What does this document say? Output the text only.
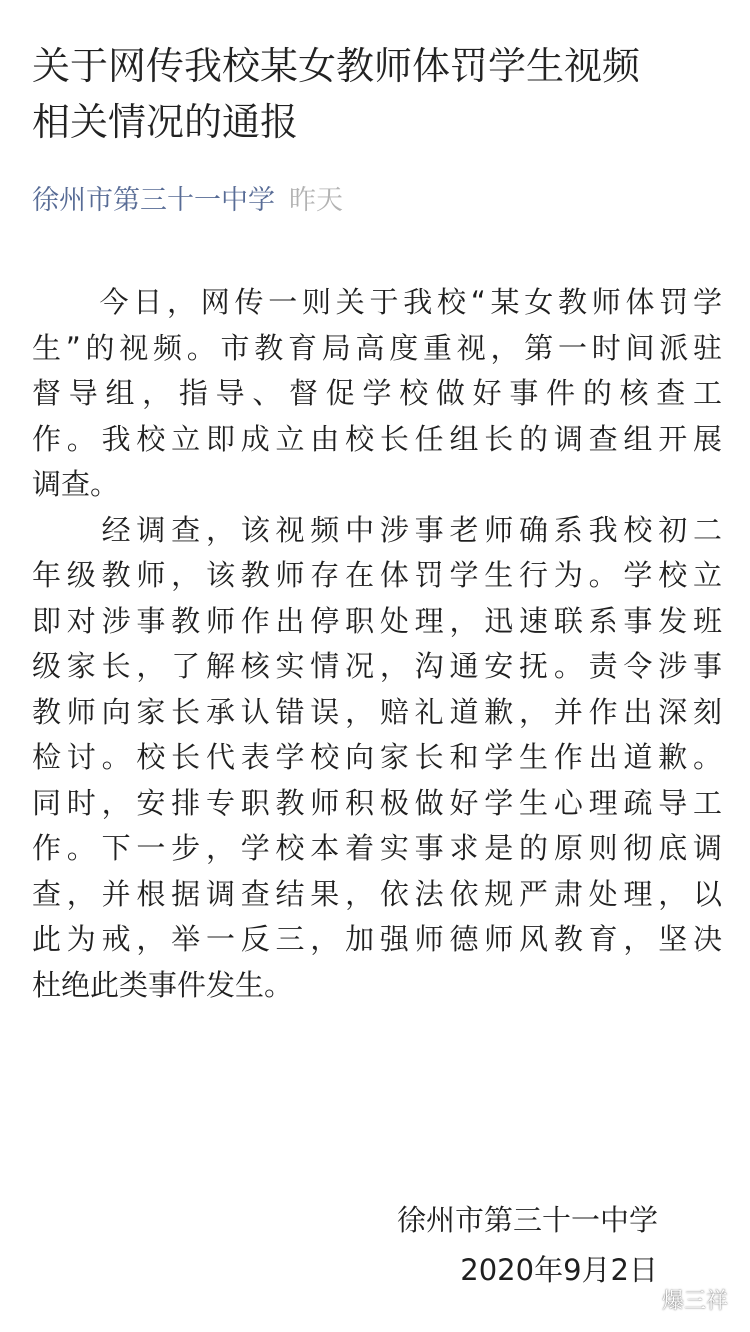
关于网传我校某女教师体罚学生视频
相关情况的通报
徐州市第三十一中学 昨天
　　今日，网传一则关于我校“某女教师体罚学
生”的视频。市教育局高度重视，第一时间派驻
督导组，指导、督促学校做好事件的核查工
作。我校立即成立由校长任组长的调查组开展
调查。
　　经调查，该视频中涉事老师确系我校初二
年级教师，该教师存在体罚学生行为。学校立
即对涉事教师作出停职处理，迅速联系事发班
级家长，了解核实情况，沟通安抚。责令涉事
教师向家长承认错误，赔礼道歉，并作出深刻
检讨。校长代表学校向家长和学生作出道歉。
同时，安排专职教师积极做好学生心理疏导工
作。下一步，学校本着实事求是的原则彻底调
查，并根据调查结果，依法依规严肃处理，以
此为戒，举一反三，加强师德师风教育，坚决
杜绝此类事件发生。
徐州市第三十一中学
2020年9月2日
爆三祥
